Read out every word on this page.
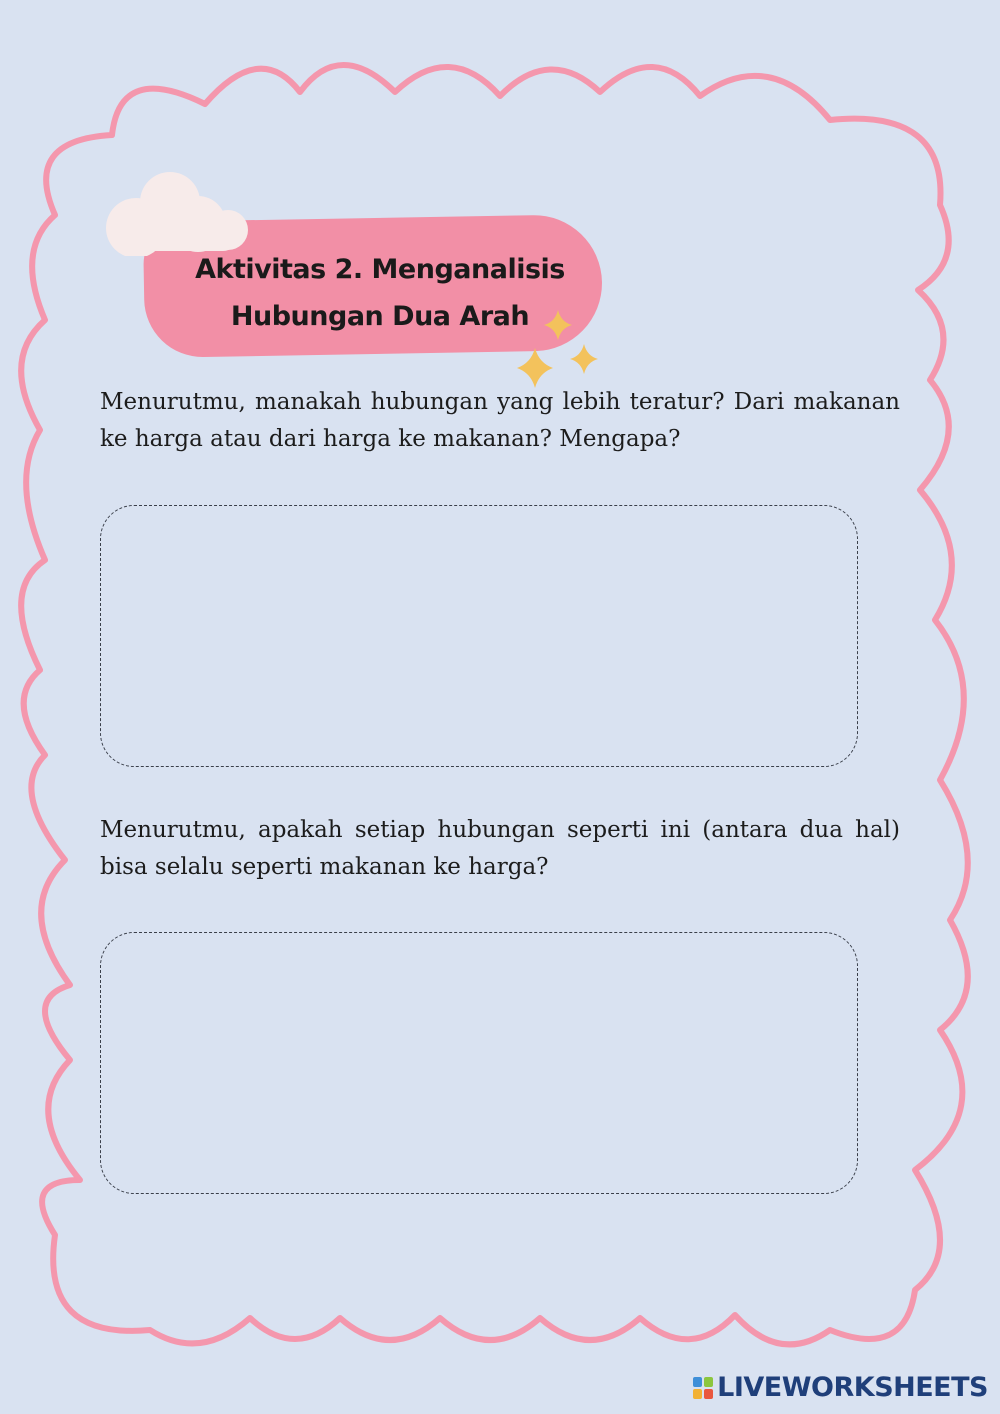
Aktivitas 2. Menganalisis
Hubungan Dua Arah

Menurutmu, manakah hubungan yang lebih teratur? Dari makanan ke harga atau dari harga ke makanan? Mengapa?

Menurutmu, apakah setiap hubungan seperti ini (antara dua hal) bisa selalu seperti makanan ke harga?

LIVEWORKSHEETS
